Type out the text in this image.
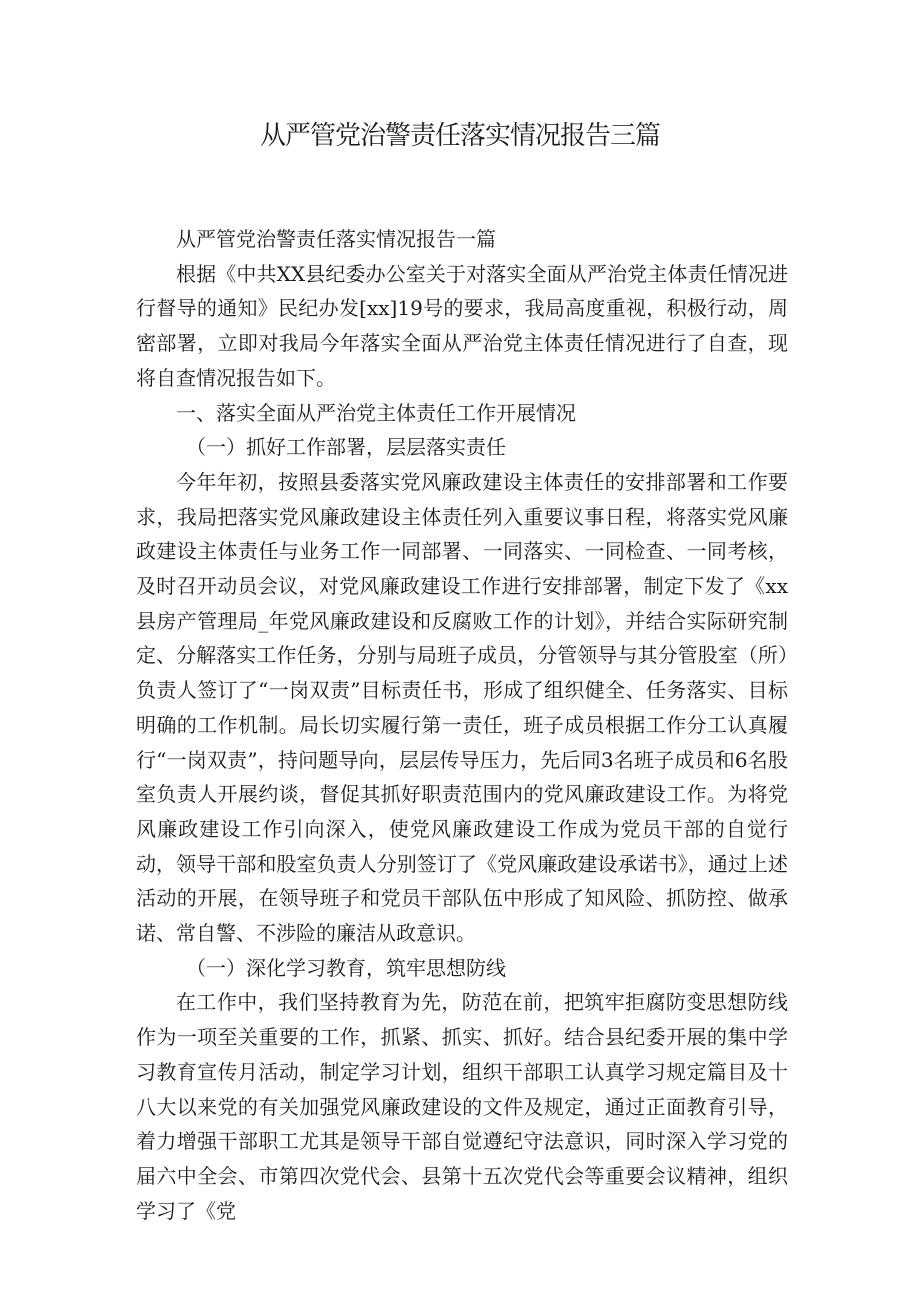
从严管党治警责任落实情况报告三篇

从严管党治警责任落实情况报告一篇

根据《中共XX县纪委办公室关于对落实全面从严治党主体责任情况进行督导的通知》民纪办发[xx]19号的要求，我局高度重视，积极行动，周密部署，立即对我局今年落实全面从严治党主体责任情况进行了自查，现将自查情况报告如下。

一、落实全面从严治党主体责任工作开展情况

（一）抓好工作部署，层层落实责任

今年年初，按照县委落实党风廉政建设主体责任的安排部署和工作要求，我局把落实党风廉政建设主体责任列入重要议事日程，将落实党风廉政建设主体责任与业务工作一同部署、一同落实、一同检查、一同考核，及时召开动员会议，对党风廉政建设工作进行安排部署，制定下发了《xx县房产管理局_年党风廉政建设和反腐败工作的计划》，并结合实际研究制定、分解落实工作任务，分别与局班子成员，分管领导与其分管股室（所）负责人签订了“一岗双责”目标责任书，形成了组织健全、任务落实、目标明确的工作机制。局长切实履行第一责任，班子成员根据工作分工认真履行“一岗双责”，持问题导向，层层传导压力，先后同3名班子成员和6名股室负责人开展约谈，督促其抓好职责范围内的党风廉政建设工作。为将党风廉政建设工作引向深入，使党风廉政建设工作成为党员干部的自觉行动，领导干部和股室负责人分别签订了《党风廉政建设承诺书》，通过上述活动的开展，在领导班子和党员干部队伍中形成了知风险、抓防控、做承诺、常自警、不涉险的廉洁从政意识。

（一）深化学习教育，筑牢思想防线

在工作中，我们坚持教育为先，防范在前，把筑牢拒腐防变思想防线作为一项至关重要的工作，抓紧、抓实、抓好。结合县纪委开展的集中学习教育宣传月活动，制定学习计划，组织干部职工认真学习规定篇目及十八大以来党的有关加强党风廉政建设的文件及规定，通过正面教育引导，着力增强干部职工尤其是领导干部自觉遵纪守法意识，同时深入学习党的届六中全会、市第四次党代会、县第十五次党代会等重要会议精神，组织学习了《党
